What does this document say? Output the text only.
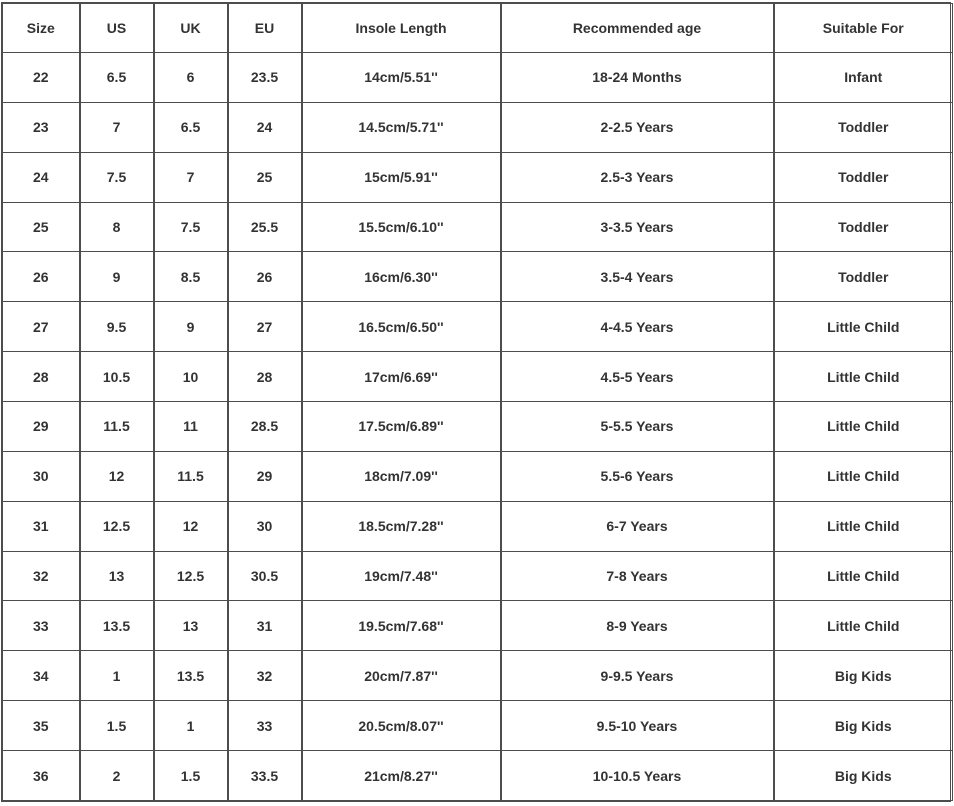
Size	US	UK	EU	Insole Length	Recommended age	Suitable For
22	6.5	6	23.5	14cm/5.51''	18-24 Months	Infant
23	7	6.5	24	14.5cm/5.71''	2-2.5 Years	Toddler
24	7.5	7	25	15cm/5.91''	2.5-3 Years	Toddler
25	8	7.5	25.5	15.5cm/6.10''	3-3.5 Years	Toddler
26	9	8.5	26	16cm/6.30''	3.5-4 Years	Toddler
27	9.5	9	27	16.5cm/6.50''	4-4.5 Years	Little Child
28	10.5	10	28	17cm/6.69''	4.5-5 Years	Little Child
29	11.5	11	28.5	17.5cm/6.89''	5-5.5 Years	Little Child
30	12	11.5	29	18cm/7.09''	5.5-6 Years	Little Child
31	12.5	12	30	18.5cm/7.28''	6-7 Years	Little Child
32	13	12.5	30.5	19cm/7.48''	7-8 Years	Little Child
33	13.5	13	31	19.5cm/7.68''	8-9 Years	Little Child
34	1	13.5	32	20cm/7.87''	9-9.5 Years	Big Kids
35	1.5	1	33	20.5cm/8.07''	9.5-10 Years	Big Kids
36	2	1.5	33.5	21cm/8.27''	10-10.5 Years	Big Kids
